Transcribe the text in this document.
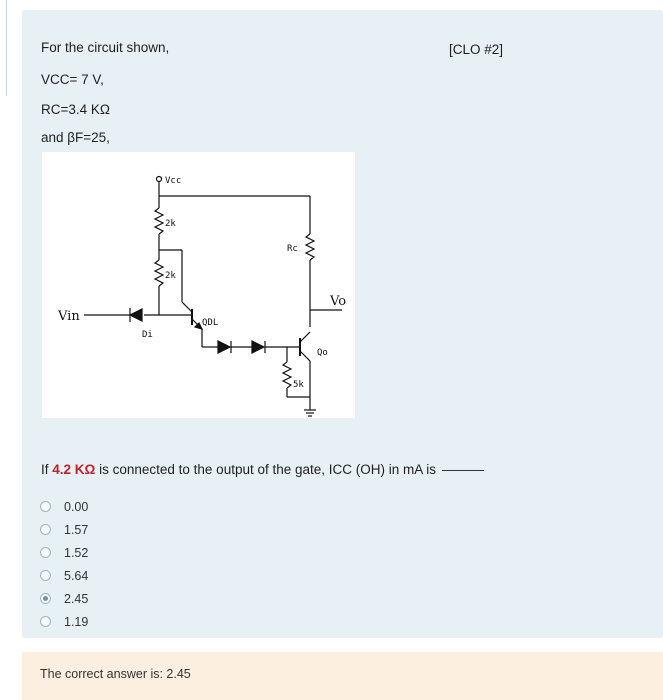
For the circuit shown,	[CLO #2]
VCC= 7 V,
RC=3.4 KΩ
and βF=25,
Vcc
2k
2k
Rc
Di
QDL
Qo
5k
Vo
Vin
If 4.2 KΩ is connected to the output of the gate, ICC (OH) in mA is
0.00
1.57
1.52
5.64
2.45
1.19
The correct answer is: 2.45
